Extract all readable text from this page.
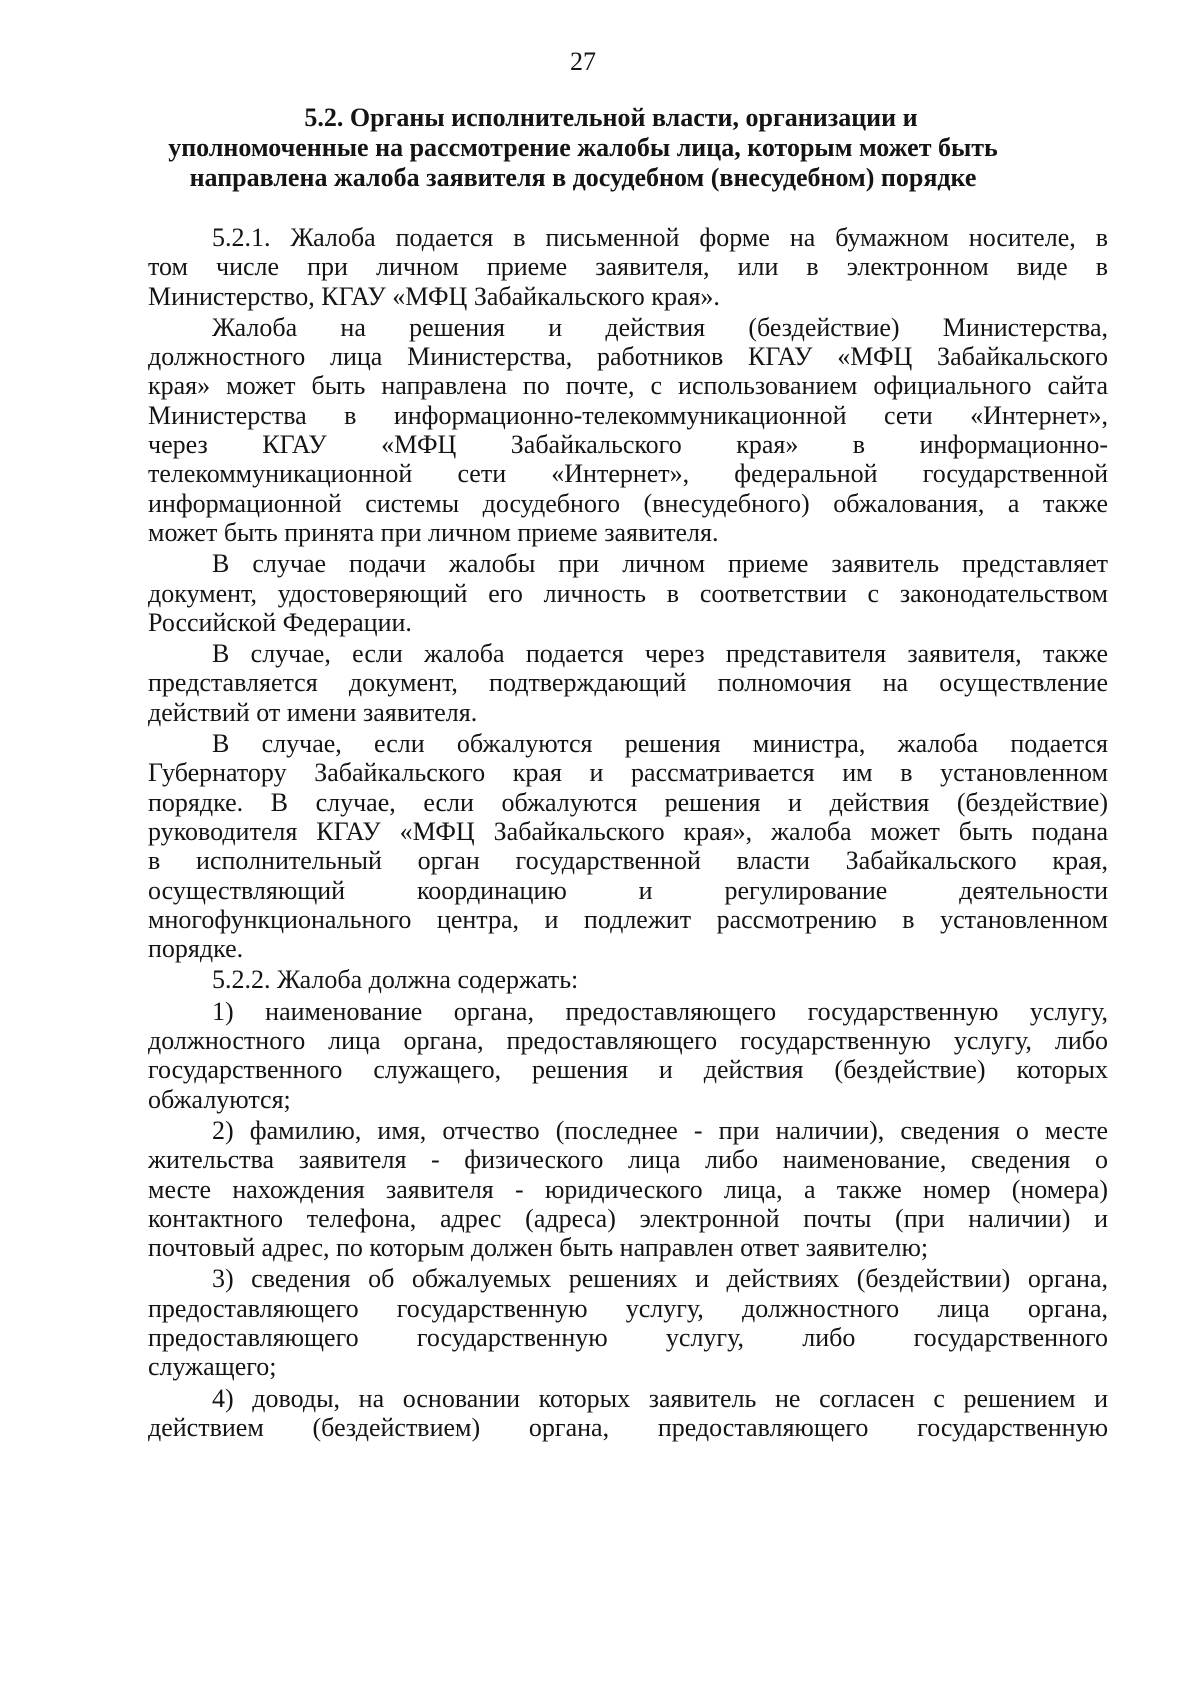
27
5.2. Органы исполнительной власти, организации и
уполномоченные на рассмотрение жалобы лица, которым может быть
направлена жалоба заявителя в досудебном (внесудебном) порядке
5.2.1. Жалоба подается в письменной форме на бумажном носителе, в
том числе при личном приеме заявителя, или в электронном виде в
Министерство, КГАУ «МФЦ Забайкальского края».
Жалоба на решения и действия (бездействие) Министерства,
должностного лица Министерства, работников КГАУ «МФЦ Забайкальского
края» может быть направлена по почте, с использованием официального сайта
Министерства в информационно-телекоммуникационной сети «Интернет»,
через КГАУ «МФЦ Забайкальского края» в информационно-
телекоммуникационной сети «Интернет», федеральной государственной
информационной системы досудебного (внесудебного) обжалования, а также
может быть принята при личном приеме заявителя.
В случае подачи жалобы при личном приеме заявитель представляет
документ, удостоверяющий его личность в соответствии с законодательством
Российской Федерации.
В случае, если жалоба подается через представителя заявителя, также
представляется документ, подтверждающий полномочия на осуществление
действий от имени заявителя.
В случае, если обжалуются решения министра, жалоба подается
Губернатору Забайкальского края и рассматривается им в установленном
порядке. В случае, если обжалуются решения и действия (бездействие)
руководителя КГАУ «МФЦ Забайкальского края», жалоба может быть подана
в исполнительный орган государственной власти Забайкальского края,
осуществляющий координацию и регулирование деятельности
многофункционального центра, и подлежит рассмотрению в установленном
порядке.
5.2.2. Жалоба должна содержать:
1) наименование органа, предоставляющего государственную услугу,
должностного лица органа, предоставляющего государственную услугу, либо
государственного служащего, решения и действия (бездействие) которых
обжалуются;
2) фамилию, имя, отчество (последнее - при наличии), сведения о месте
жительства заявителя - физического лица либо наименование, сведения о
месте нахождения заявителя - юридического лица, а также номер (номера)
контактного телефона, адрес (адреса) электронной почты (при наличии) и
почтовый адрес, по которым должен быть направлен ответ заявителю;
3) сведения об обжалуемых решениях и действиях (бездействии) органа,
предоставляющего государственную услугу, должностного лица органа,
предоставляющего государственную услугу, либо государственного
служащего;
4) доводы, на основании которых заявитель не согласен с решением и
действием (бездействием) органа, предоставляющего государственную
